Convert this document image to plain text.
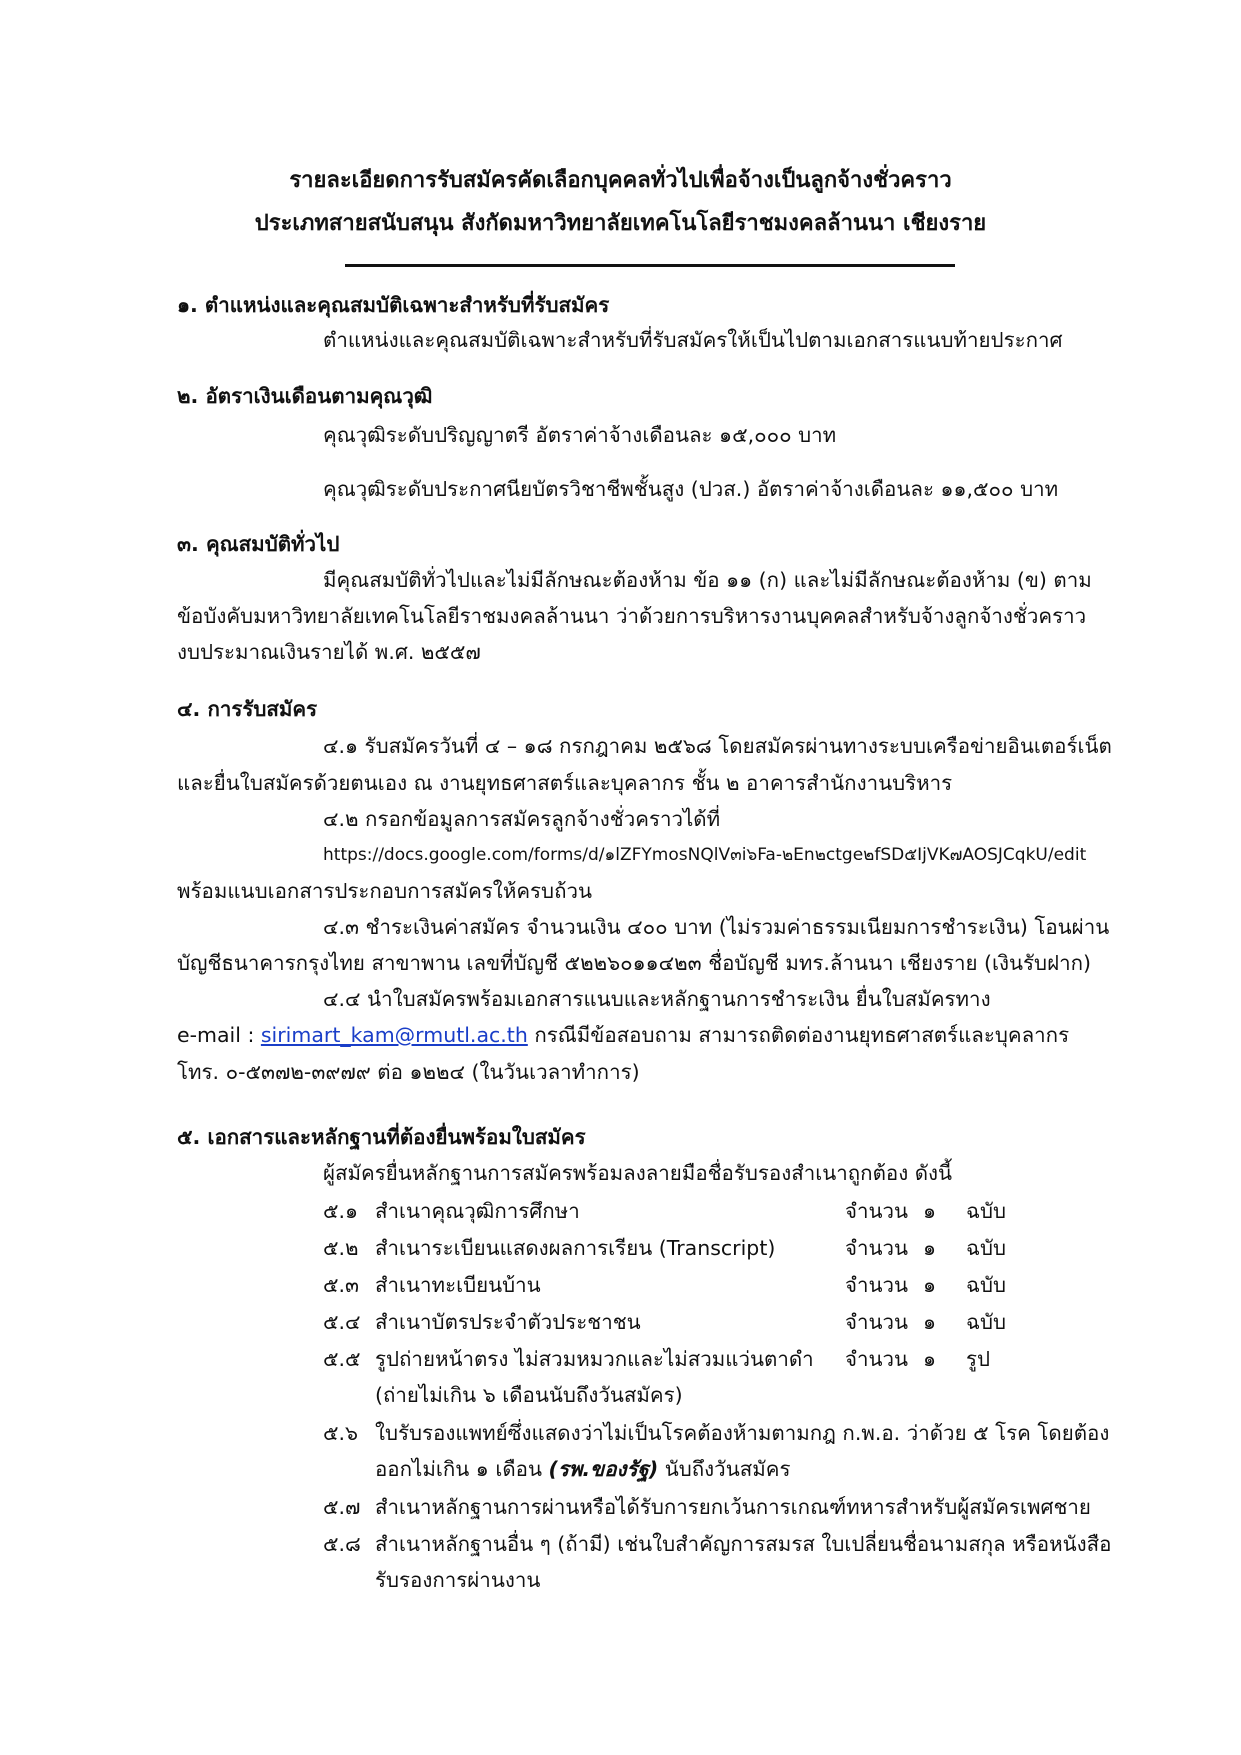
รายละเอียดการรับสมัครคัดเลือกบุคคลทั่วไปเพื่อจ้างเป็นลูกจ้างชั่วคราว
ประเภทสายสนับสนุน สังกัดมหาวิทยาลัยเทคโนโลยีราชมงคลล้านนา เชียงราย
๑. ตำแหน่งและคุณสมบัติเฉพาะสำหรับที่รับสมัคร
ตำแหน่งและคุณสมบัติเฉพาะสำหรับที่รับสมัครให้เป็นไปตามเอกสารแนบท้ายประกาศ
๒. อัตราเงินเดือนตามคุณวุฒิ
คุณวุฒิระดับปริญญาตรี อัตราค่าจ้างเดือนละ ๑๕,๐๐๐ บาท
คุณวุฒิระดับประกาศนียบัตรวิชาชีพชั้นสูง (ปวส.) อัตราค่าจ้างเดือนละ ๑๑,๕๐๐ บาท
๓. คุณสมบัติทั่วไป
มีคุณสมบัติทั่วไปและไม่มีลักษณะต้องห้าม ข้อ ๑๑ (ก) และไม่มีลักษณะต้องห้าม (ข) ตาม
ข้อบังคับมหาวิทยาลัยเทคโนโลยีราชมงคลล้านนา ว่าด้วยการบริหารงานบุคคลสำหรับจ้างลูกจ้างชั่วคราว
งบประมาณเงินรายได้ พ.ศ. ๒๕๕๗
๔. การรับสมัคร
๔.๑ รับสมัครวันที่ ๔ – ๑๘ กรกฎาคม ๒๕๖๘ โดยสมัครผ่านทางระบบเครือข่ายอินเตอร์เน็ต
และยื่นใบสมัครด้วยตนเอง ณ งานยุทธศาสตร์และบุคลากร ชั้น ๒ อาคารสำนักงานบริหาร
๔.๒ กรอกข้อมูลการสมัครลูกจ้างชั่วคราวได้ที่
https://docs.google.com/forms/d/๑lZFYmosNQlV๓i๖Fa-๒En๒ctge๒fSD๕IjVK๗AOSJCqkU/edit
พร้อมแนบเอกสารประกอบการสมัครให้ครบถ้วน
๔.๓ ชำระเงินค่าสมัคร จำนวนเงิน ๔๐๐ บาท (ไม่รวมค่าธรรมเนียมการชำระเงิน) โอนผ่าน
บัญชีธนาคารกรุงไทย สาขาพาน เลขที่บัญชี ๕๒๒๖๐๑๑๔๒๓ ชื่อบัญชี มทร.ล้านนา เชียงราย (เงินรับฝาก)
๔.๔ นำใบสมัครพร้อมเอกสารแนบและหลักฐานการชำระเงิน ยื่นใบสมัครทาง
e-mail : sirimart_kam@rmutl.ac.th กรณีมีข้อสอบถาม สามารถติดต่องานยุทธศาสตร์และบุคลากร
โทร. ๐-๕๓๗๒-๓๙๗๙ ต่อ ๑๒๒๔ (ในวันเวลาทำการ)
๕. เอกสารและหลักฐานที่ต้องยื่นพร้อมใบสมัคร
ผู้สมัครยื่นหลักฐานการสมัครพร้อมลงลายมือชื่อรับรองสำเนาถูกต้อง ดังนี้
๕.๑ สำเนาคุณวุฒิการศึกษา	จำนวน ๑ ฉบับ
๕.๒ สำเนาระเบียนแสดงผลการเรียน (Transcript)	จำนวน ๑ ฉบับ
๕.๓ สำเนาทะเบียนบ้าน	จำนวน ๑ ฉบับ
๕.๔ สำเนาบัตรประจำตัวประชาชน	จำนวน ๑ ฉบับ
๕.๕ รูปถ่ายหน้าตรง ไม่สวมหมวกและไม่สวมแว่นตาดำ จำนวน ๑ รูป
(ถ่ายไม่เกิน ๖ เดือนนับถึงวันสมัคร)
๕.๖ ใบรับรองแพทย์ซึ่งแสดงว่าไม่เป็นโรคต้องห้ามตามกฎ ก.พ.อ. ว่าด้วย ๕ โรค โดยต้อง
ออกไม่เกิน ๑ เดือน (รพ.ของรัฐ) นับถึงวันสมัคร
๕.๗ สำเนาหลักฐานการผ่านหรือได้รับการยกเว้นการเกณฑ์ทหารสำหรับผู้สมัครเพศชาย
๕.๘ สำเนาหลักฐานอื่น ๆ (ถ้ามี) เช่นใบสำคัญการสมรส ใบเปลี่ยนชื่อนามสกุล หรือหนังสือ
รับรองการผ่านงาน
